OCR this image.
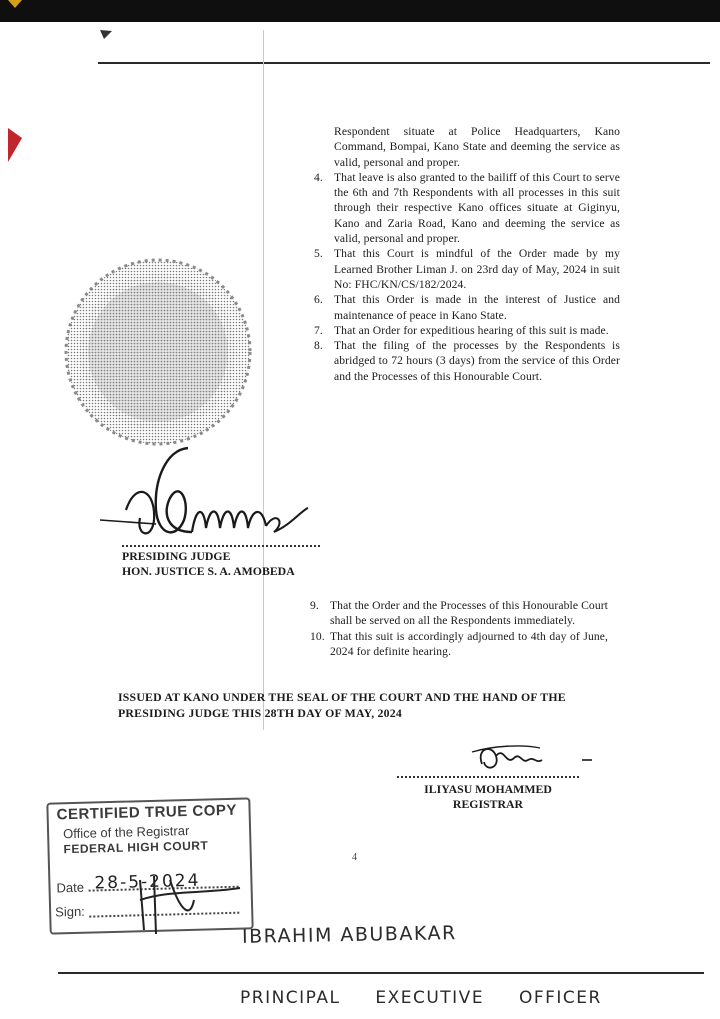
Respondent situate at Police Headquarters, Kano Command, Bompai, Kano State and deeming the service as valid, personal and proper.

4. That leave is also granted to the bailiff of this Court to serve the 6th and 7th Respondents with all processes in this suit through their respective Kano offices situate at Giginyu, Kano and Zaria Road, Kano and deeming the service as valid, personal and proper.
5. That this Court is mindful of the Order made by my Learned Brother Liman J. on 23rd day of May, 2024 in suit No: FHC/KN/CS/182/2024.
6. That this Order is made in the interest of Justice and maintenance of peace in Kano State.
7. That an Order for expeditious hearing of this suit is made.
8. That the filing of the processes by the Respondents is abridged to 72 hours (3 days) from the service of this Order and the Processes of this Honourable Court.
PRESIDING JUDGE
HON. JUSTICE S. A. AMOBEDA
9. That the Order and the Processes of this Honourable Court shall be served on all the Respondents immediately.
10. That this suit is accordingly adjourned to 4th day of June, 2024 for definite hearing.
ISSUED AT KANO UNDER THE SEAL OF THE COURT AND THE HAND OF THE PRESIDING JUDGE THIS 28TH DAY OF MAY, 2024
ILIYASU MOHAMMED
REGISTRAR
4
CERTIFIED TRUE COPY
Office of the Registrar
FEDERAL HIGH COURT
Date 28-5-2024
Sign:
IBRAHIM ABUBAKAR
PRINCIPAL EXECUTIVE OFFICER
